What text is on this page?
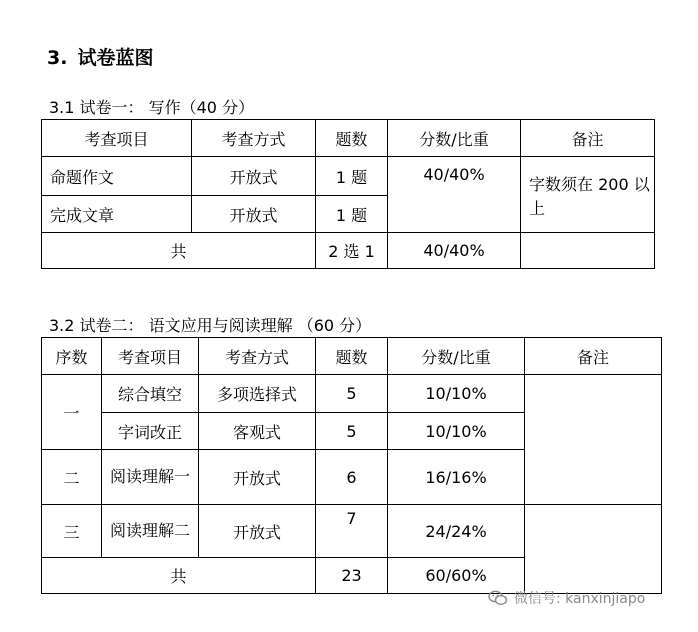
3. 试卷蓝图
3.1 试卷一： 写作（40 分）
考查项目	考查方式	题数	分数/比重	备注
命题作文	开放式	1 题	40/40%	字数须在 200 以上
完成文章	开放式	1 题		
共		2 选 1	40/40%	
3.2 试卷二： 语文应用与阅读理解 （60 分）
序数	考查项目	考查方式	题数	分数/比重	备注
一	综合填空	多项选择式	5	10/10%	
	字词改正	客观式	5	10/10%	
二	阅读理解一	开放式	6	16/16%	
三	阅读理解二	开放式	7	24/24%	
共			23	60/60%	
微信号: kanxinjiapo
